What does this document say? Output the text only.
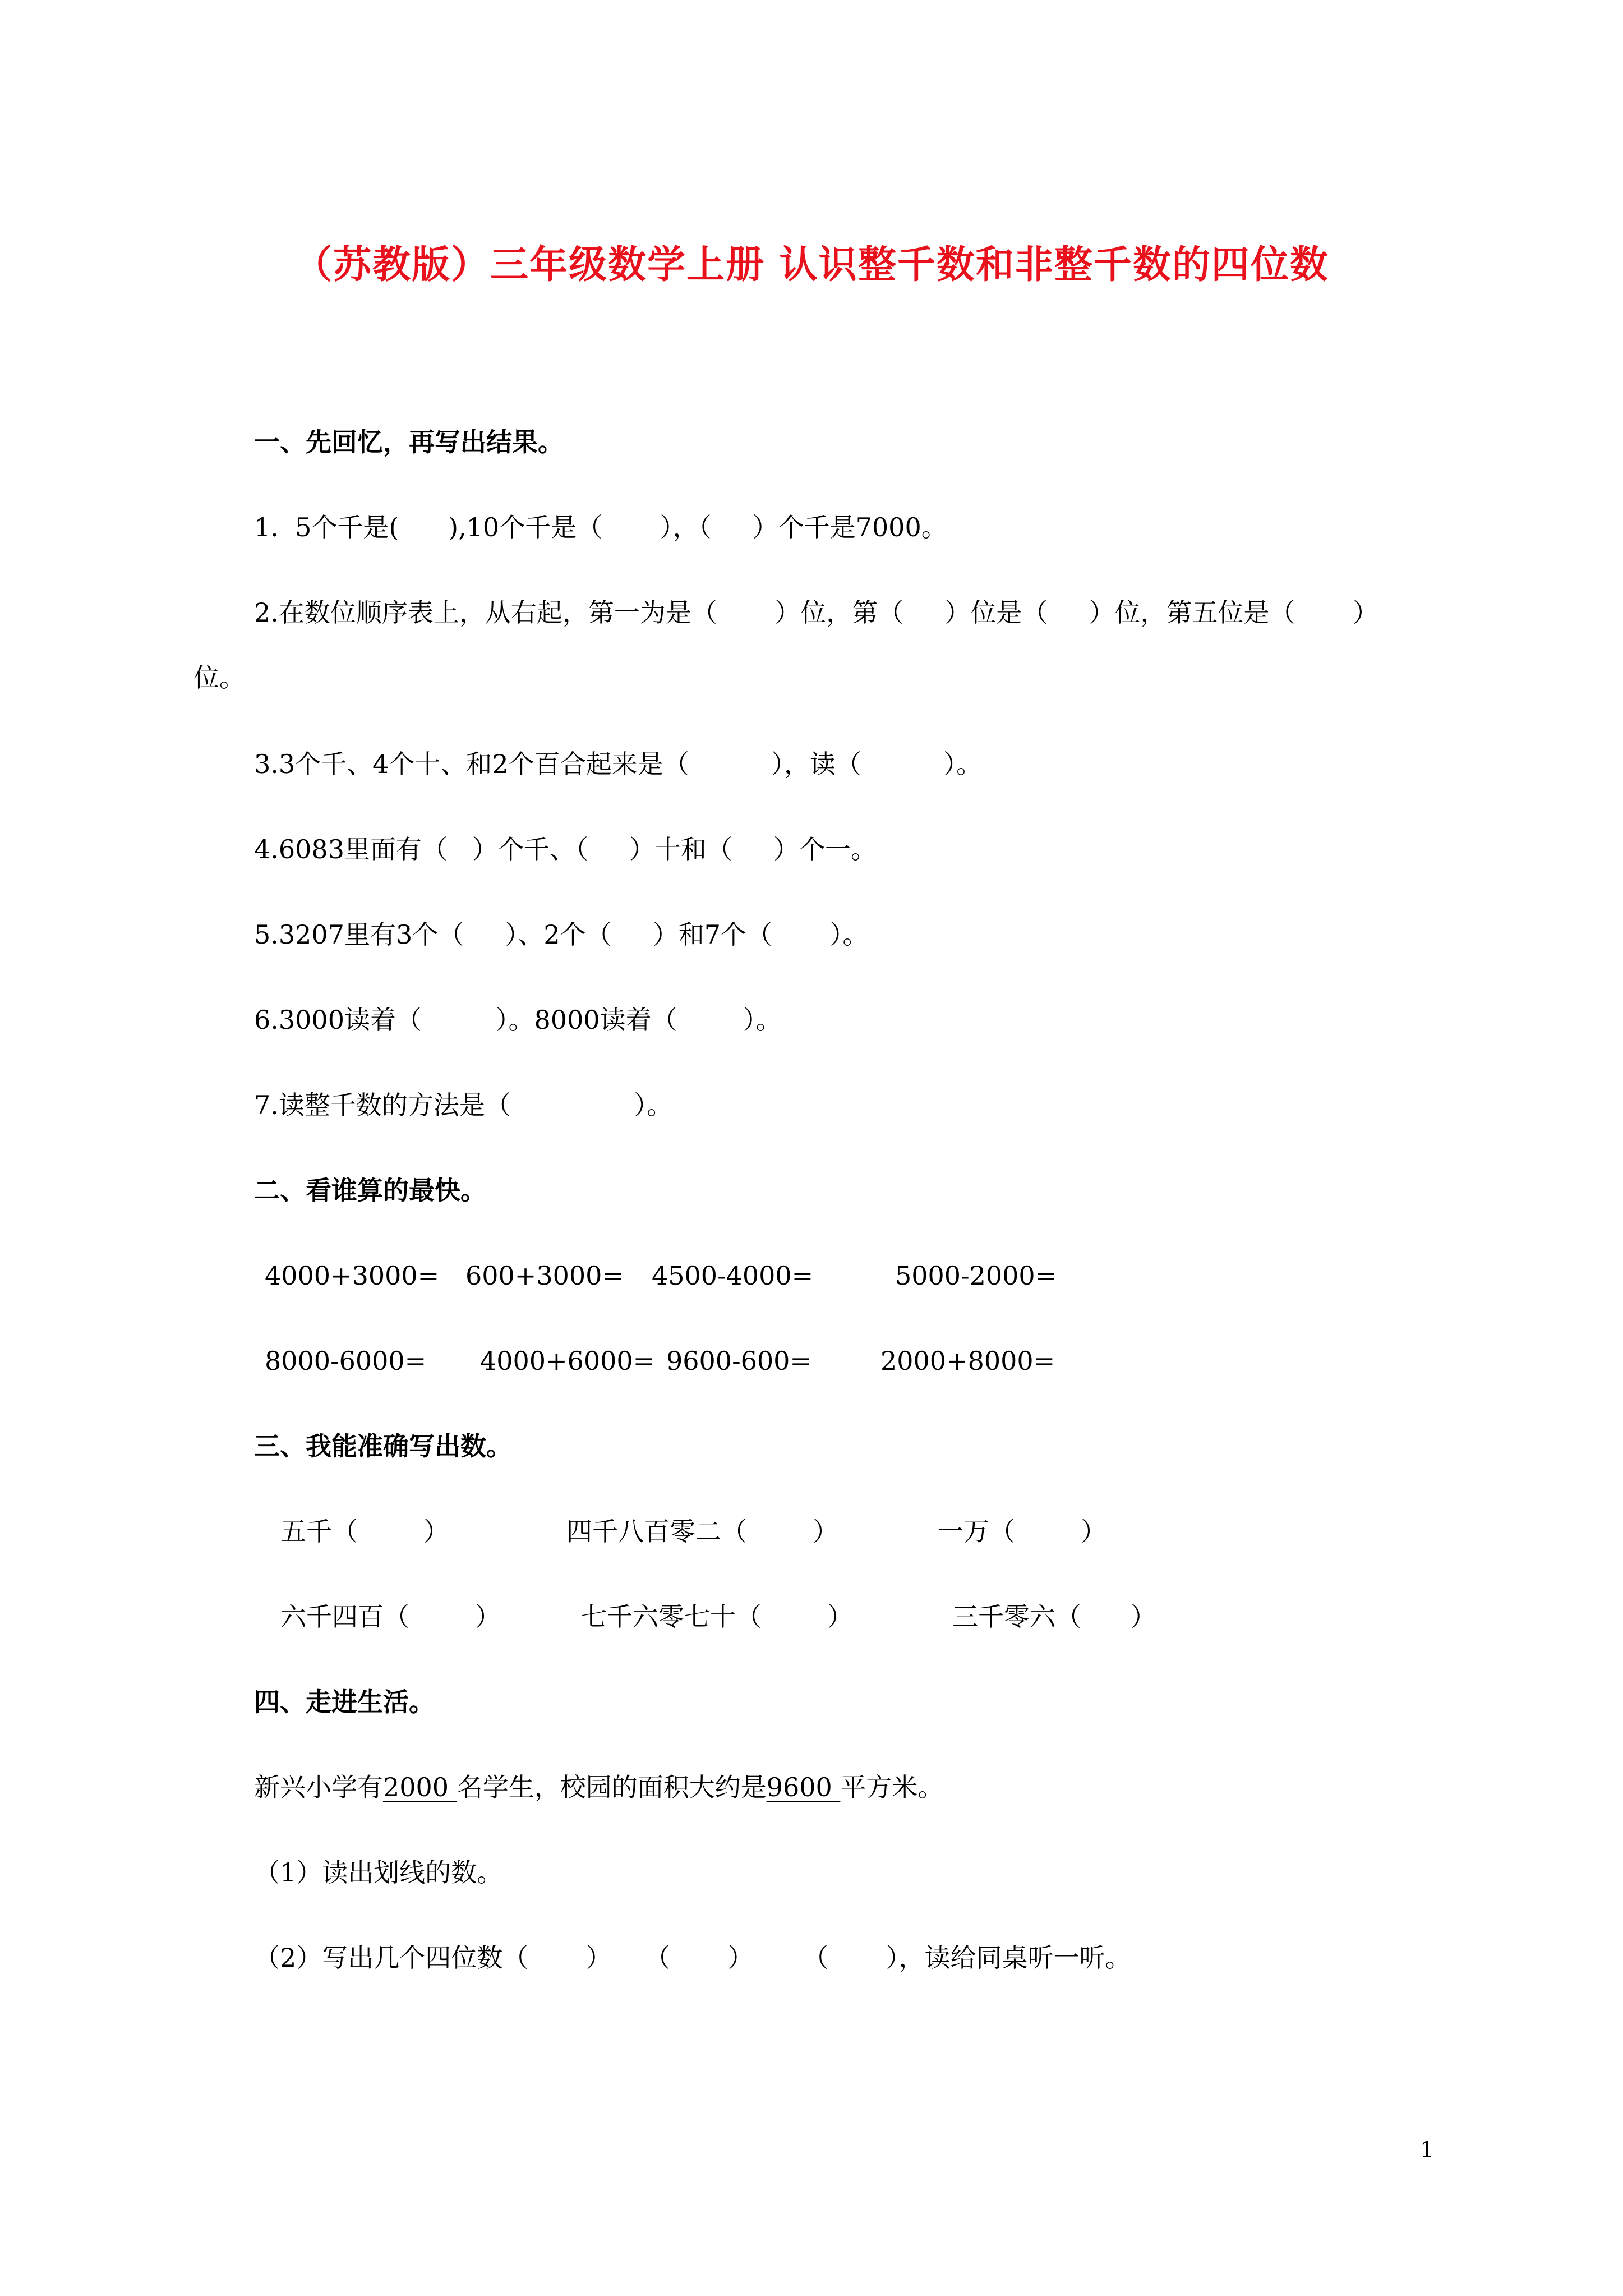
（苏教版）三年级数学上册 认识整千数和非整千数的四位数
一、先回忆，再写出结果。
1.  5个千是(      ),10个千是（       ），（     ）个千是7000。
2.在数位顺序表上，从右起，第一为是（       ）位，第（     ）位是（     ）位，第五位是（       ）
位。
3.3个千、4个十、和2个百合起来是（          ），读（          ）。
4.6083里面有（   ）个千、（     ）十和（     ）个一。
5.3207里有3个（     ）、2个（     ）和7个（       ）。
6.3000读着（         ）。8000读着（        ）。
7.读整千数的方法是（               ）。
二、看谁算的最快。
4000+3000= 600+3000= 4500-4000=	5000-2000=
8000-6000= 4000+6000= 9600-600=	2000+8000=
三、我能准确写出数。
五千（        ）	四千八百零二（        ）	一万（        ）
六千四百（        ）	七千六零七十（        ）	三千零六（      ）
四、走进生活。
新兴小学有2000 名学生，校园的面积大约是9600 平方米。
（1）读出划线的数。
（2）写出几个四位数（       ）    （       ）      （       ），读给同桌听一听。
1
